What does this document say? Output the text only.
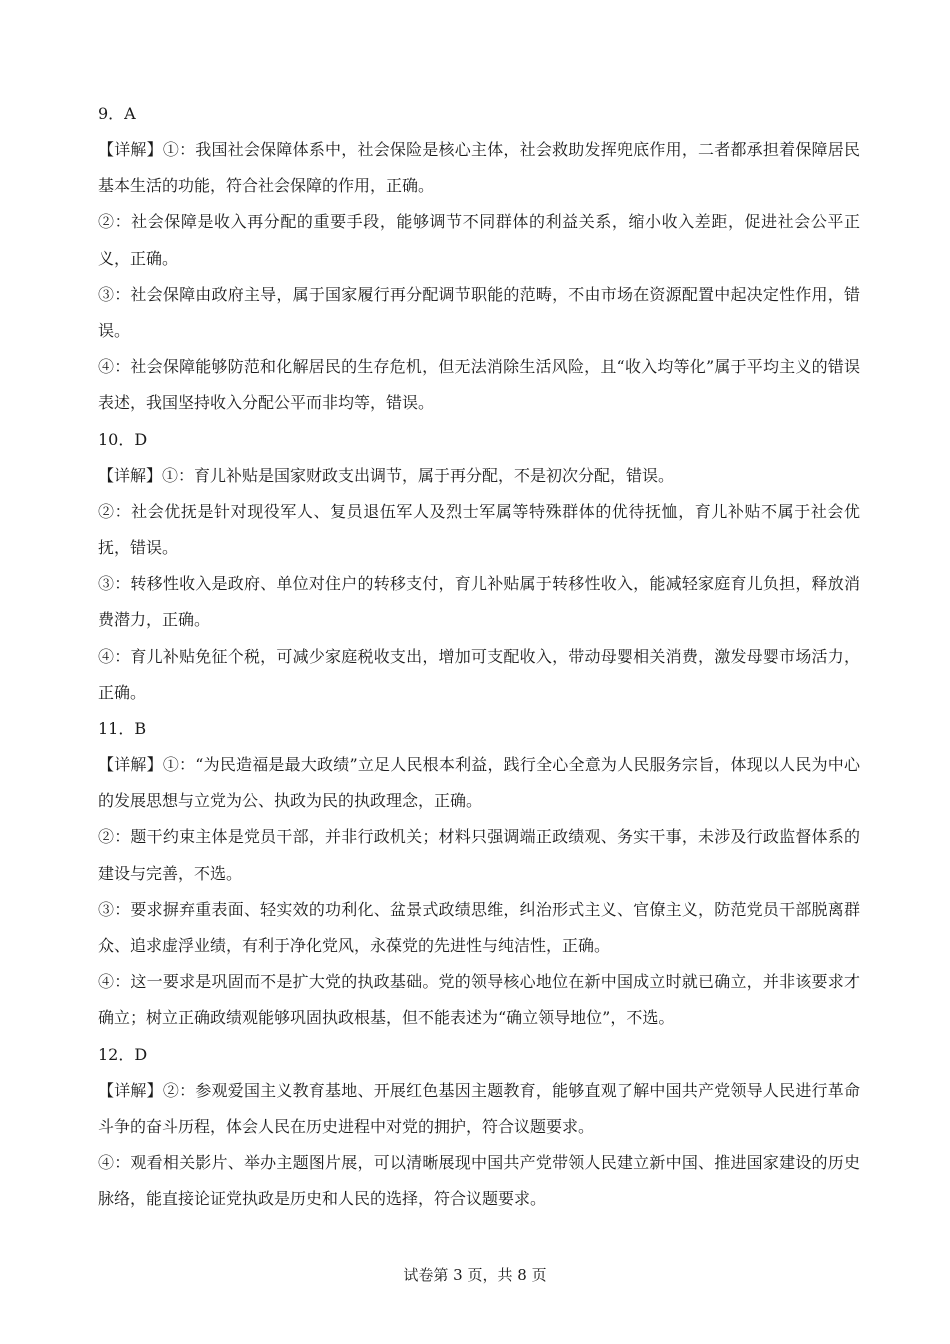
9．A

【详解】①：我国社会保障体系中，社会保险是核心主体，社会救助发挥兜底作用，二者都承担着保障居民基本生活的功能，符合社会保障的作用，正确。

②：社会保障是收入再分配的重要手段，能够调节不同群体的利益关系，缩小收入差距，促进社会公平正义，正确。

③：社会保障由政府主导，属于国家履行再分配调节职能的范畴，不由市场在资源配置中起决定性作用，错误。

④：社会保障能够防范和化解居民的生存危机，但无法消除生活风险，且“收入均等化”属于平均主义的错误表述，我国坚持收入分配公平而非均等，错误。

10．D

【详解】①：育儿补贴是国家财政支出调节，属于再分配，不是初次分配，错误。

②：社会优抚是针对现役军人、复员退伍军人及烈士军属等特殊群体的优待抚恤，育儿补贴不属于社会优抚，错误。

③：转移性收入是政府、单位对住户的转移支付，育儿补贴属于转移性收入，能减轻家庭育儿负担，释放消费潜力，正确。

④：育儿补贴免征个税，可减少家庭税收支出，增加可支配收入，带动母婴相关消费，激发母婴市场活力，正确。

11．B

【详解】①：“为民造福是最大政绩”立足人民根本利益，践行全心全意为人民服务宗旨，体现以人民为中心的发展思想与立党为公、执政为民的执政理念，正确。

②：题干约束主体是党员干部，并非行政机关；材料只强调端正政绩观、务实干事，未涉及行政监督体系的建设与完善，不选。

③：要求摒弃重表面、轻实效的功利化、盆景式政绩思维，纠治形式主义、官僚主义，防范党员干部脱离群众、追求虚浮业绩，有利于净化党风，永葆党的先进性与纯洁性，正确。

④：这一要求是巩固而不是扩大党的执政基础。党的领导核心地位在新中国成立时就已确立，并非该要求才确立；树立正确政绩观能够巩固执政根基，但不能表述为“确立领导地位”，不选。

12．D

【详解】②：参观爱国主义教育基地、开展红色基因主题教育，能够直观了解中国共产党领导人民进行革命斗争的奋斗历程，体会人民在历史进程中对党的拥护，符合议题要求。

④：观看相关影片、举办主题图片展，可以清晰展现中国共产党带领人民建立新中国、推进国家建设的历史脉络，能直接论证党执政是历史和人民的选择，符合议题要求。

试卷第 3 页，共 8 页
